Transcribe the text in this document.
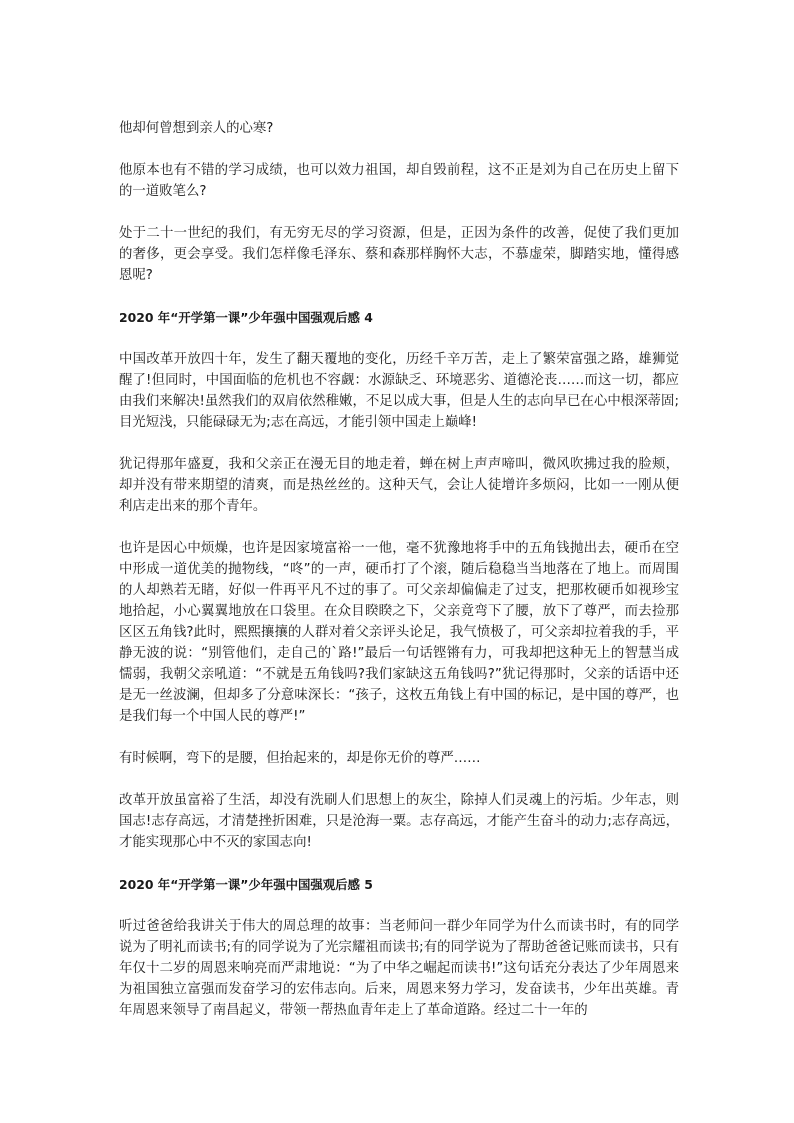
他却何曾想到亲人的心寒?

他原本也有不错的学习成绩，也可以效力祖国，却自毁前程，这不正是刘为自己在历史上留下的一道败笔么?

处于二十一世纪的我们，有无穷无尽的学习资源，但是，正因为条件的改善，促使了我们更加的奢侈，更会享受。我们怎样像毛泽东、蔡和森那样胸怀大志，不慕虚荣，脚踏实地，懂得感恩呢?

2020 年“开学第一课”少年强中国强观后感 4

中国改革开放四十年，发生了翻天覆地的变化，历经千辛万苦，走上了繁荣富强之路，雄狮觉醒了!但同时，中国面临的危机也不容觑：水源缺乏、环境恶劣、道德沦丧……而这一切，都应由我们来解决!虽然我们的双肩依然稚嫩，不足以成大事，但是人生的志向早已在心中根深蒂固;目光短浅，只能碌碌无为;志在高远，才能引领中国走上巅峰!

犹记得那年盛夏，我和父亲正在漫无目的地走着，蝉在树上声声啼叫，微风吹拂过我的脸颊，却并没有带来期望的清爽，而是热丝丝的。这种天气，会让人徒增许多烦闷，比如一一刚从便利店走出来的那个青年。

也许是因心中烦燥，也许是因家境富裕一一他，毫不犹豫地将手中的五角钱抛出去，硬币在空中形成一道优美的抛物线，“咚”的一声，硬币打了个滚，随后稳稳当当地落在了地上。而周围的人却熟若无睹，好似一件再平凡不过的事了。可父亲却偏偏走了过支，把那枚硬币如视珍宝地拾起，小心翼翼地放在口袋里。在众目睽睽之下，父亲竟弯下了腰，放下了尊严，而去捡那区区五角钱?此时，熙熙攘攘的人群对着父亲评头论足，我气愤极了，可父亲却拉着我的手，平静无波的说：“别管他们，走自己的`路!”最后一句话铿锵有力，可我却把这种无上的智慧当成懦弱，我朝父亲吼道：“不就是五角钱吗?我们家缺这五角钱吗?”犹记得那时，父亲的话语中还是无一丝波澜，但却多了分意味深长：“孩子，这枚五角钱上有中国的标记，是中国的尊严，也是我们每一个中国人民的尊严!”

有时候啊，弯下的是腰，但抬起来的，却是你无价的尊严……

改革开放虽富裕了生活，却没有洗刷人们思想上的灰尘，除掉人们灵魂上的污垢。少年志，则国志!志存高远，才清楚挫折困难，只是沧海一粟。志存高远，才能产生奋斗的动力;志存高远，才能实现那心中不灭的家国志向!

2020 年“开学第一课”少年强中国强观后感 5

听过爸爸给我讲关于伟大的周总理的故事：当老师问一群少年同学为什么而读书时，有的同学说为了明礼而读书;有的同学说为了光宗耀祖而读书;有的同学说为了帮助爸爸记账而读书，只有年仅十二岁的周恩来响亮而严肃地说：“为了中华之崛起而读书!”这句话充分表达了少年周恩来为祖国独立富强而发奋学习的宏伟志向。后来，周恩来努力学习，发奋读书，少年出英雄。青年周恩来领导了南昌起义，带领一帮热血青年走上了革命道路。经过二十一年的
